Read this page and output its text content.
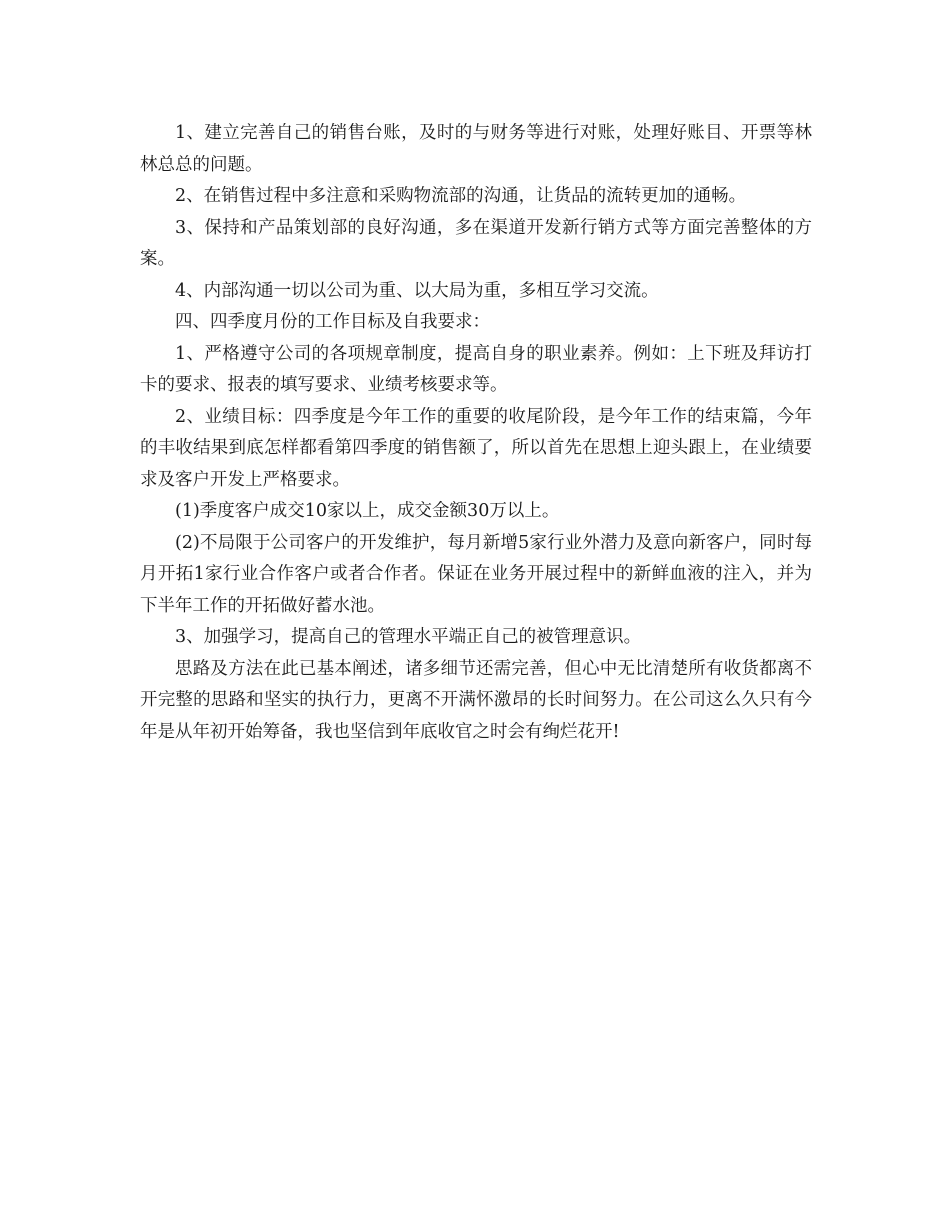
1、建立完善自己的销售台账，及时的与财务等进行对账，处理好账目、开票等林林总总的问题。

2、在销售过程中多注意和采购物流部的沟通，让货品的流转更加的通畅。

3、保持和产品策划部的良好沟通，多在渠道开发新行销方式等方面完善整体的方案。

4、内部沟通一切以公司为重、以大局为重，多相互学习交流。

四、四季度月份的工作目标及自我要求：

1、严格遵守公司的各项规章制度，提高自身的职业素养。例如：上下班及拜访打卡的要求、报表的填写要求、业绩考核要求等。

2、业绩目标：四季度是今年工作的重要的收尾阶段，是今年工作的结束篇，今年的丰收结果到底怎样都看第四季度的销售额了，所以首先在思想上迎头跟上，在业绩要求及客户开发上严格要求。

(1)季度客户成交10家以上，成交金额30万以上。

(2)不局限于公司客户的开发维护，每月新增5家行业外潜力及意向新客户，同时每月开拓1家行业合作客户或者合作者。保证在业务开展过程中的新鲜血液的注入，并为下半年工作的开拓做好蓄水池。

3、加强学习，提高自己的管理水平端正自己的被管理意识。

思路及方法在此已基本阐述，诸多细节还需完善，但心中无比清楚所有收货都离不开完整的思路和坚实的执行力，更离不开满怀激昂的长时间努力。在公司这么久只有今年是从年初开始筹备，我也坚信到年底收官之时会有绚烂花开!
